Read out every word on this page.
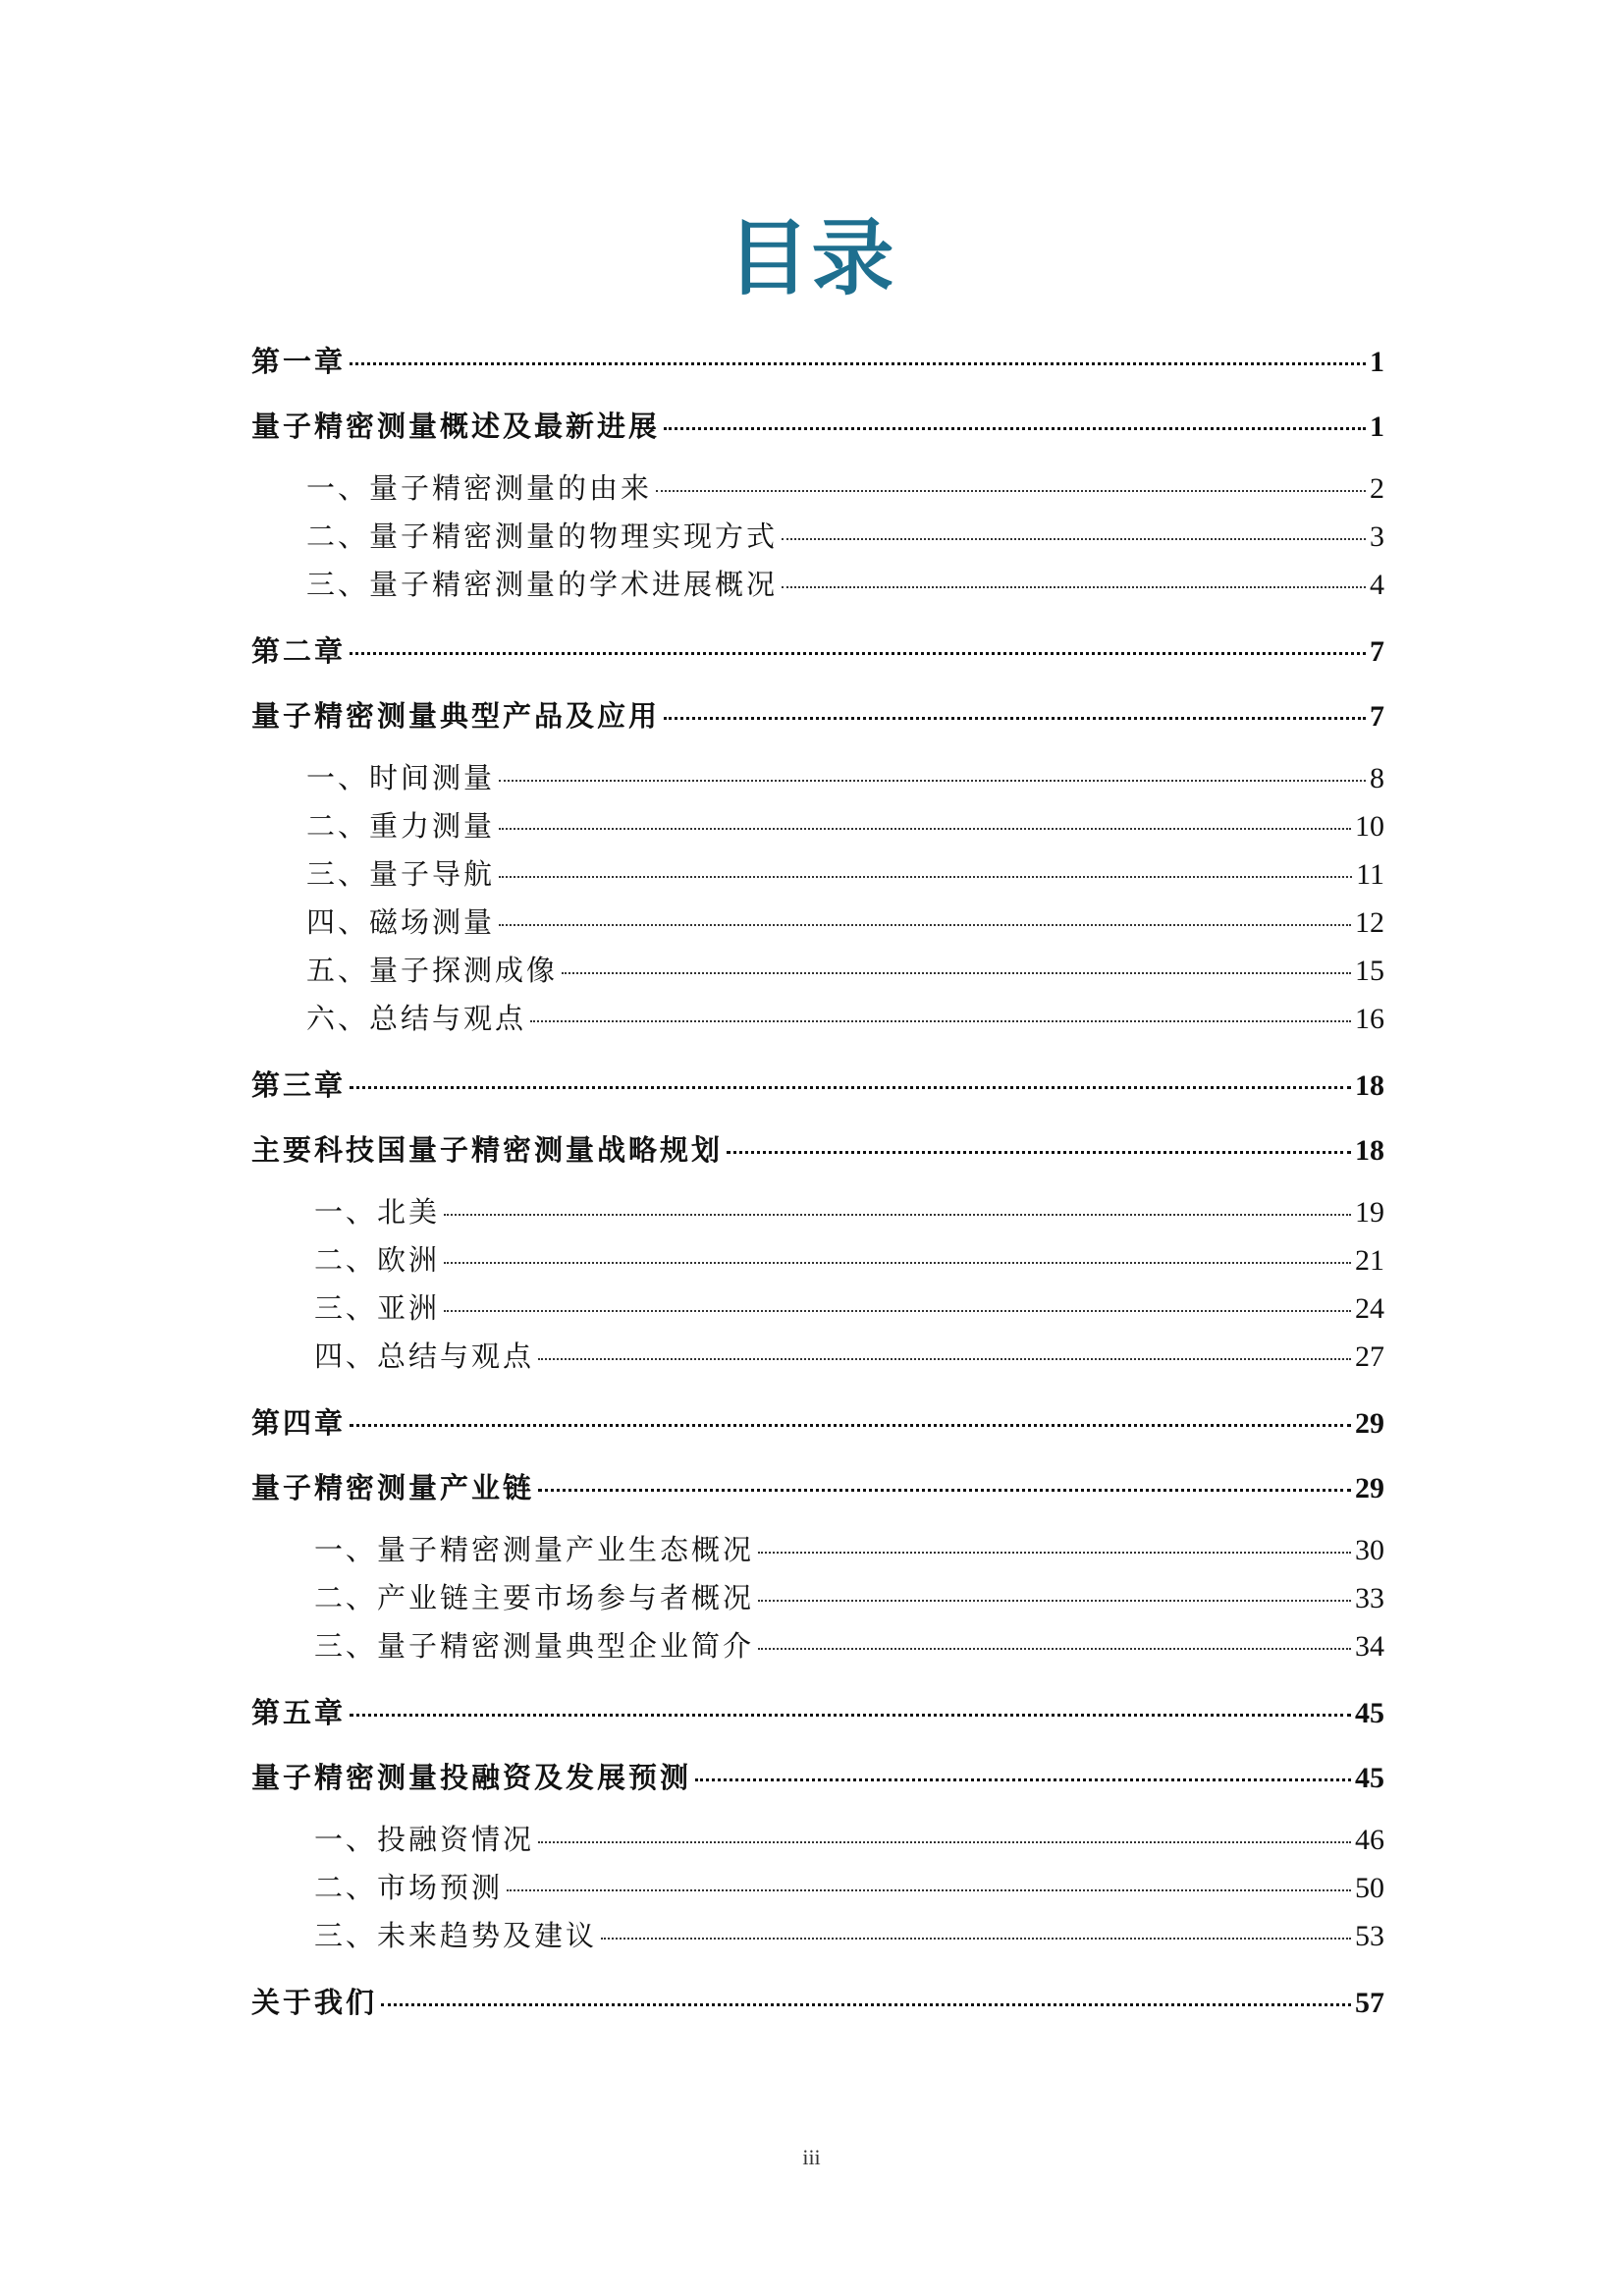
目录
第一章	1
量子精密测量概述及最新进展	1
一、量子精密测量的由来	2
二、量子精密测量的物理实现方式	3
三、量子精密测量的学术进展概况	4
第二章	7
量子精密测量典型产品及应用	7
一、时间测量	8
二、重力测量	10
三、量子导航	11
四、磁场测量	12
五、量子探测成像	15
六、总结与观点	16
第三章	18
主要科技国量子精密测量战略规划	18
一、北美	19
二、欧洲	21
三、亚洲	24
四、总结与观点	27
第四章	29
量子精密测量产业链	29
一、量子精密测量产业生态概况	30
二、产业链主要市场参与者概况	33
三、量子精密测量典型企业简介	34
第五章	45
量子精密测量投融资及发展预测	45
一、投融资情况	46
二、市场预测	50
三、未来趋势及建议	53
关于我们	57
iii
